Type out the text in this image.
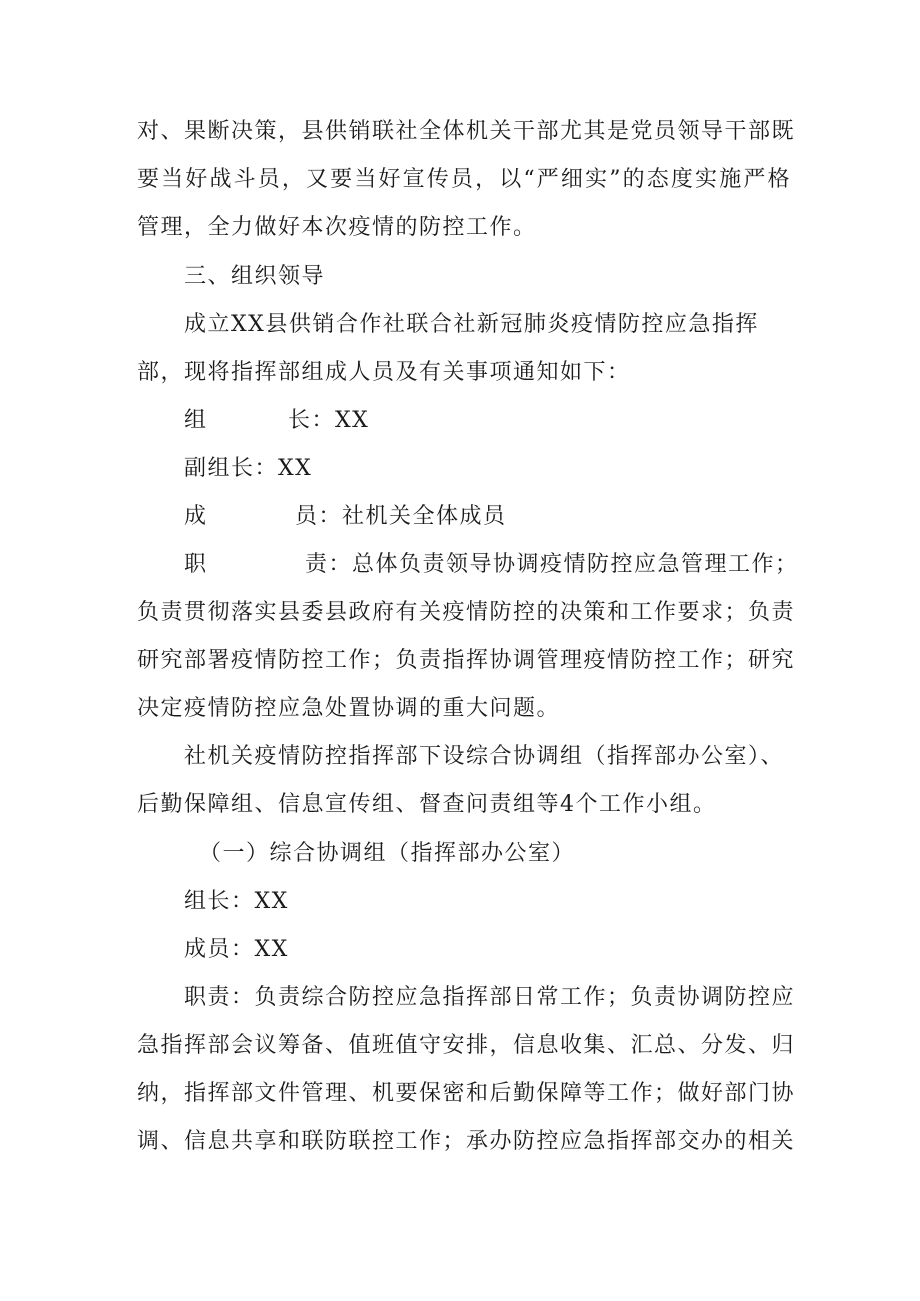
对、果断决策，县供销联社全体机关干部尤其是党员领导干部既
要当好战斗员，又要当好宣传员，以“严细实”的态度实施严格
管理，全力做好本次疫情的防控工作。
三、组织领导
成立XX县供销合作社联合社新冠肺炎疫情防控应急指挥
部，现将指挥部组成人员及有关事项通知如下：
组	长：XX
副组长：XX
成	员：社机关全体成员
职	责：总体负责领导协调疫情防控应急管理工作；
负责贯彻落实县委县政府有关疫情防控的决策和工作要求；负责
研究部署疫情防控工作；负责指挥协调管理疫情防控工作；研究
决定疫情防控应急处置协调的重大问题。
社机关疫情防控指挥部下设综合协调组（指挥部办公室）、
后勤保障组、信息宣传组、督查问责组等4个工作小组。
（一）综合协调组（指挥部办公室）
组长：XX
成员：XX
职责：负责综合防控应急指挥部日常工作；负责协调防控应
急指挥部会议筹备、值班值守安排，信息收集、汇总、分发、归
纳，指挥部文件管理、机要保密和后勤保障等工作；做好部门协
调、信息共享和联防联控工作；承办防控应急指挥部交办的相关
